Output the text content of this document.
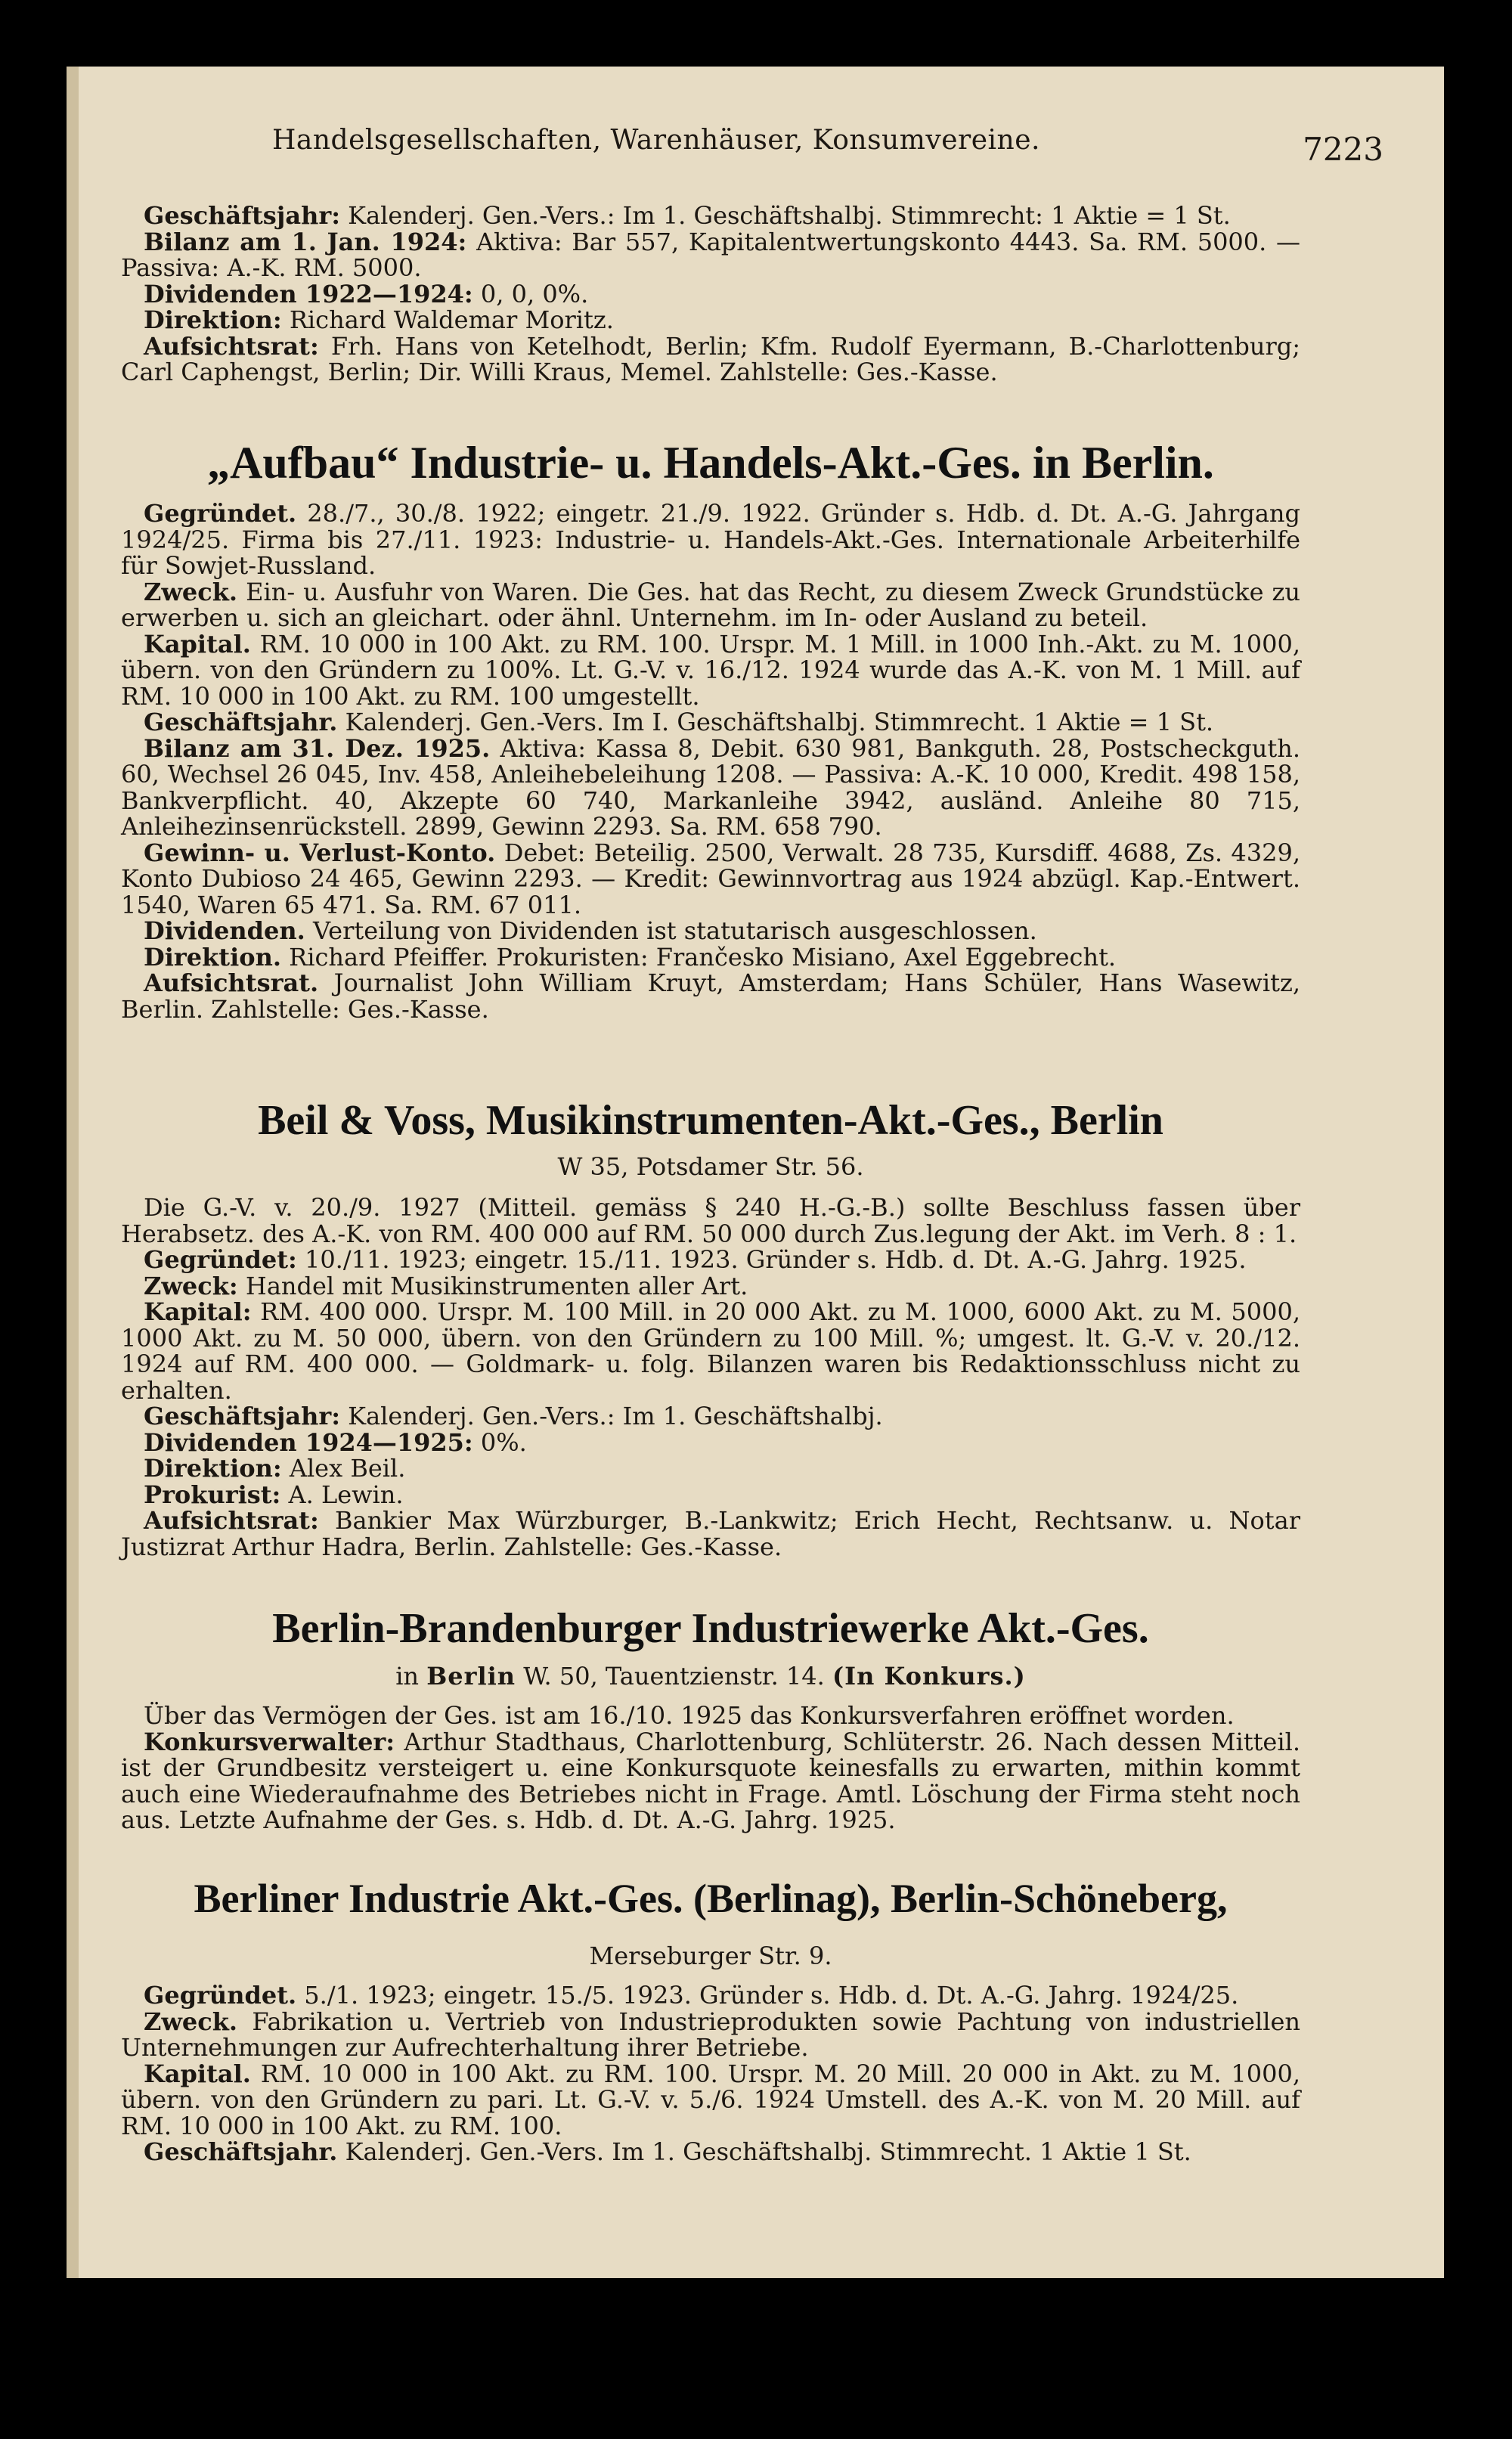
Handelsgesellschaften, Warenhäuser, Konsumvereine.	7223

Geschäftsjahr: Kalenderj. Gen.-Vers.: Im 1. Geschäftshalbj. Stimmrecht: 1 Aktie = 1 St.

Bilanz am 1. Jan. 1924: Aktiva: Bar 557, Kapitalentwertungskonto 4443. Sa. RM. 5000. — Passiva: A.-K. RM. 5000.

Dividenden 1922—1924: 0, 0, 0%.

Direktion: Richard Waldemar Moritz.

Aufsichtsrat: Frh. Hans von Ketelhodt, Berlin; Kfm. Rudolf Eyermann, B.-Charlottenburg; Carl Caphengst, Berlin; Dir. Willi Kraus, Memel. Zahlstelle: Ges.-Kasse.

„Aufbau“ Industrie- u. Handels-Akt.-Ges. in Berlin.

Gegründet. 28./7., 30./8. 1922; eingetr. 21./9. 1922. Gründer s. Hdb. d. Dt. A.-G. Jahrgang 1924/25. Firma bis 27./11. 1923: Industrie- u. Handels-Akt.-Ges. Internationale Arbeiterhilfe für Sowjet-Russland.

Zweck. Ein- u. Ausfuhr von Waren. Die Ges. hat das Recht, zu diesem Zweck Grundstücke zu erwerben u. sich an gleichart. oder ähnl. Unternehm. im In- oder Ausland zu beteil.

Kapital. RM. 10 000 in 100 Akt. zu RM. 100. Urspr. M. 1 Mill. in 1000 Inh.-Akt. zu M. 1000, übern. von den Gründern zu 100%. Lt. G.-V. v. 16./12. 1924 wurde das A.-K. von M. 1 Mill. auf RM. 10 000 in 100 Akt. zu RM. 100 umgestellt.

Geschäftsjahr. Kalenderj. Gen.-Vers. Im I. Geschäftshalbj. Stimmrecht. 1 Aktie = 1 St.

Bilanz am 31. Dez. 1925. Aktiva: Kassa 8, Debit. 630 981, Bankguth. 28, Postscheckguth. 60, Wechsel 26 045, Inv. 458, Anleihebeleihung 1208. — Passiva: A.-K. 10 000, Kredit. 498 158, Bankverpflicht. 40, Akzepte 60 740, Markanleihe 3942, ausländ. Anleihe 80 715, Anleihezinsenrückstell. 2899, Gewinn 2293. Sa. RM. 658 790.

Gewinn- u. Verlust-Konto. Debet: Beteilig. 2500, Verwalt. 28 735, Kursdiff. 4688, Zs. 4329, Konto Dubioso 24 465, Gewinn 2293. — Kredit: Gewinnvortrag aus 1924 abzügl. Kap.-Entwert. 1540, Waren 65 471. Sa. RM. 67 011.

Dividenden. Verteilung von Dividenden ist statutarisch ausgeschlossen.

Direktion. Richard Pfeiffer. Prokuristen: Frančesko Misiano, Axel Eggebrecht.

Aufsichtsrat. Journalist John William Kruyt, Amsterdam; Hans Schüler, Hans Wasewitz, Berlin. Zahlstelle: Ges.-Kasse.

Beil & Voss, Musikinstrumenten-Akt.-Ges., Berlin
W 35, Potsdamer Str. 56.

Die G.-V. v. 20./9. 1927 (Mitteil. gemäss § 240 H.-G.-B.) sollte Beschluss fassen über Herabsetz. des A.-K. von RM. 400 000 auf RM. 50 000 durch Zus.legung der Akt. im Verh. 8 : 1.

Gegründet: 10./11. 1923; eingetr. 15./11. 1923. Gründer s. Hdb. d. Dt. A.-G. Jahrg. 1925.

Zweck: Handel mit Musikinstrumenten aller Art.

Kapital: RM. 400 000. Urspr. M. 100 Mill. in 20 000 Akt. zu M. 1000, 6000 Akt. zu M. 5000, 1000 Akt. zu M. 50 000, übern. von den Gründern zu 100 Mill. %; umgest. lt. G.-V. v. 20./12. 1924 auf RM. 400 000. — Goldmark- u. folg. Bilanzen waren bis Redaktionsschluss nicht zu erhalten.

Geschäftsjahr: Kalenderj. Gen.-Vers.: Im 1. Geschäftshalbj.

Dividenden 1924—1925: 0%.

Direktion: Alex Beil.

Prokurist: A. Lewin.

Aufsichtsrat: Bankier Max Würzburger, B.-Lankwitz; Erich Hecht, Rechtsanw. u. Notar Justizrat Arthur Hadra, Berlin. Zahlstelle: Ges.-Kasse.

Berlin-Brandenburger Industriewerke Akt.-Ges.
in Berlin W. 50, Tauentzienstr. 14. (In Konkurs.)

Über das Vermögen der Ges. ist am 16./10. 1925 das Konkursverfahren eröffnet worden.

Konkursverwalter: Arthur Stadthaus, Charlottenburg, Schlüterstr. 26. Nach dessen Mitteil. ist der Grundbesitz versteigert u. eine Konkursquote keinesfalls zu erwarten, mithin kommt auch eine Wiederaufnahme des Betriebes nicht in Frage. Amtl. Löschung der Firma steht noch aus. Letzte Aufnahme der Ges. s. Hdb. d. Dt. A.-G. Jahrg. 1925.

Berliner Industrie Akt.-Ges. (Berlinag), Berlin-Schöneberg,
Merseburger Str. 9.

Gegründet. 5./1. 1923; eingetr. 15./5. 1923. Gründer s. Hdb. d. Dt. A.-G. Jahrg. 1924/25.

Zweck. Fabrikation u. Vertrieb von Industrieprodukten sowie Pachtung von industriellen Unternehmungen zur Aufrechterhaltung ihrer Betriebe.

Kapital. RM. 10 000 in 100 Akt. zu RM. 100. Urspr. M. 20 Mill. 20 000 in Akt. zu M. 1000, übern. von den Gründern zu pari. Lt. G.-V. v. 5./6. 1924 Umstell. des A.-K. von M. 20 Mill. auf RM. 10 000 in 100 Akt. zu RM. 100.

Geschäftsjahr. Kalenderj. Gen.-Vers. Im 1. Geschäftshalbj. Stimmrecht. 1 Aktie 1 St.
